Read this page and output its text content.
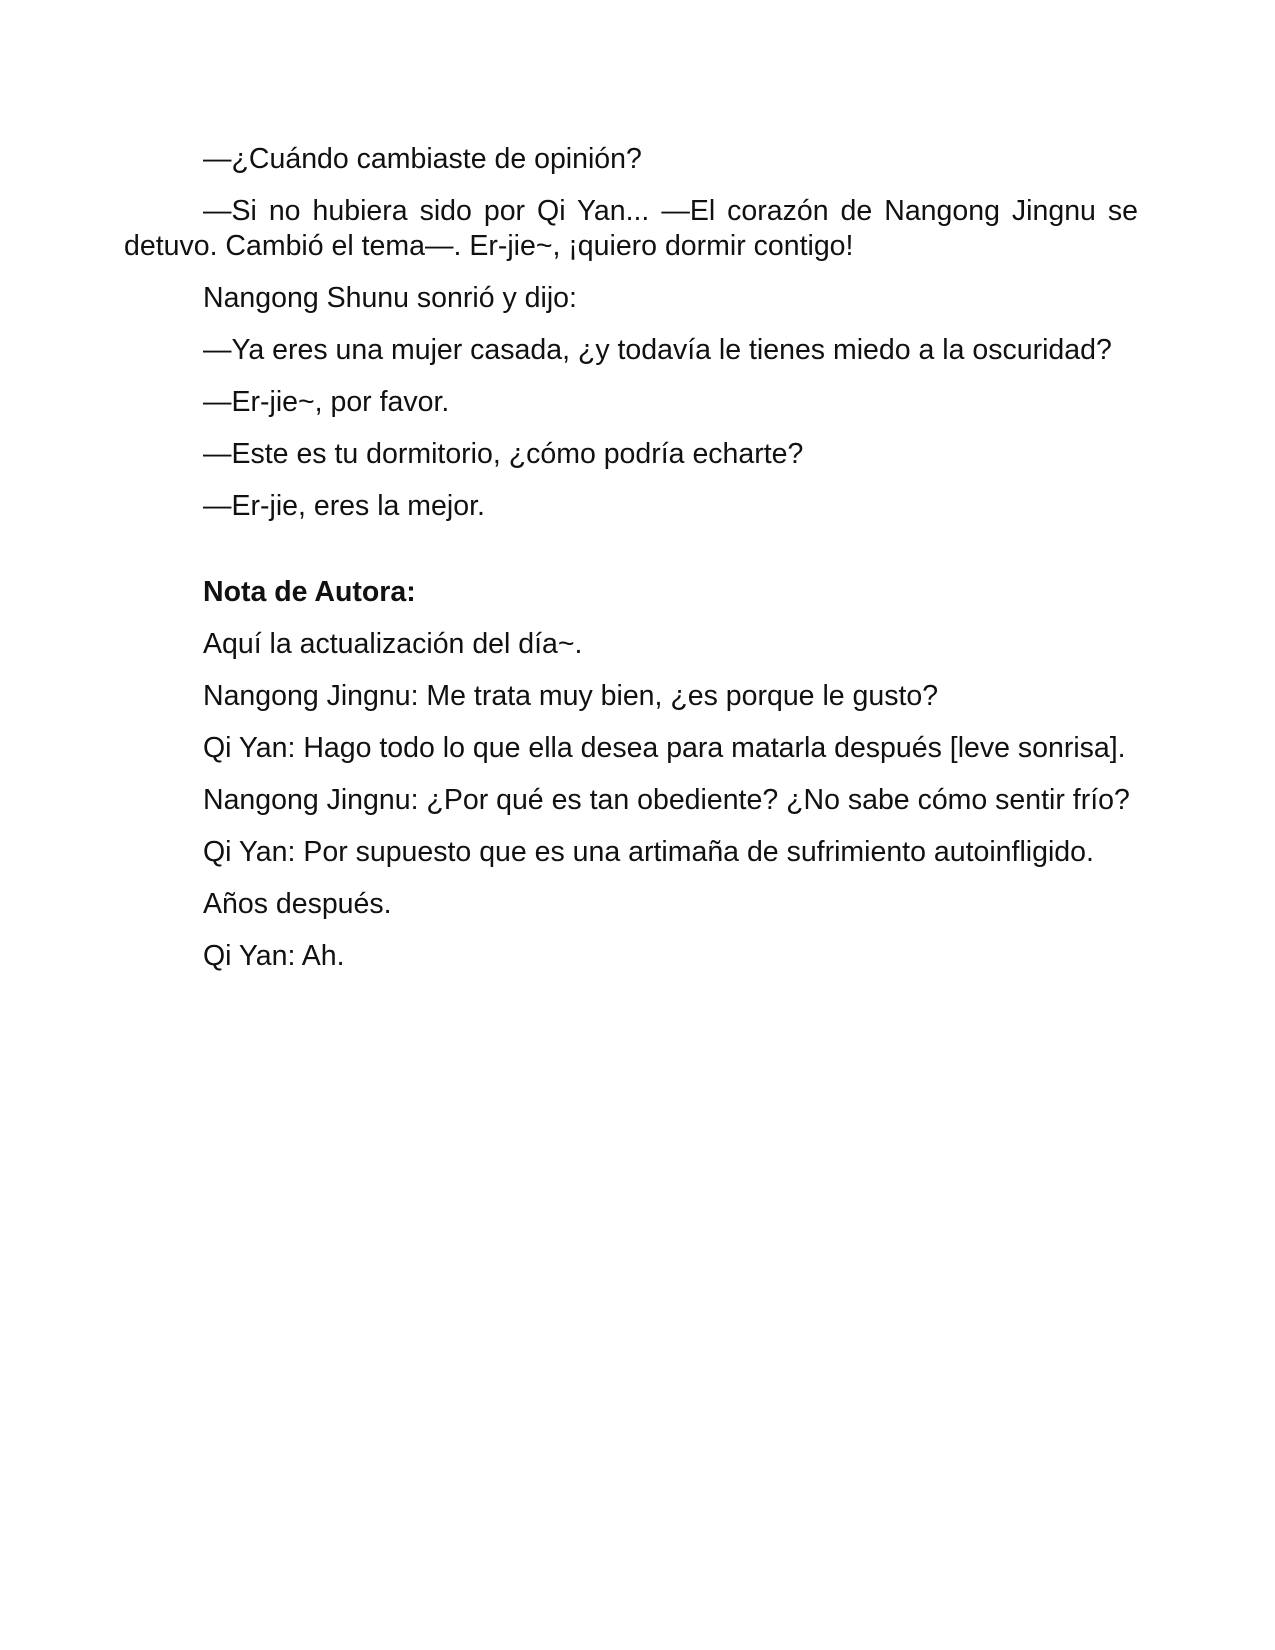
—¿Cuándo cambiaste de opinión?

—Si no hubiera sido por Qi Yan... —El corazón de Nangong Jingnu se detuvo. Cambió el tema—. Er-jie~, ¡quiero dormir contigo!

Nangong Shunu sonrió y dijo:

—Ya eres una mujer casada, ¿y todavía le tienes miedo a la oscuridad?

—Er-jie~, por favor.

—Este es tu dormitorio, ¿cómo podría echarte?

—Er-jie, eres la mejor.

Nota de Autora:

Aquí la actualización del día~.

Nangong Jingnu: Me trata muy bien, ¿es porque le gusto?

Qi Yan: Hago todo lo que ella desea para matarla después [leve sonrisa].

Nangong Jingnu: ¿Por qué es tan obediente? ¿No sabe cómo sentir frío?

Qi Yan: Por supuesto que es una artimaña de sufrimiento autoinfligido.

Años después.

Qi Yan: Ah.
